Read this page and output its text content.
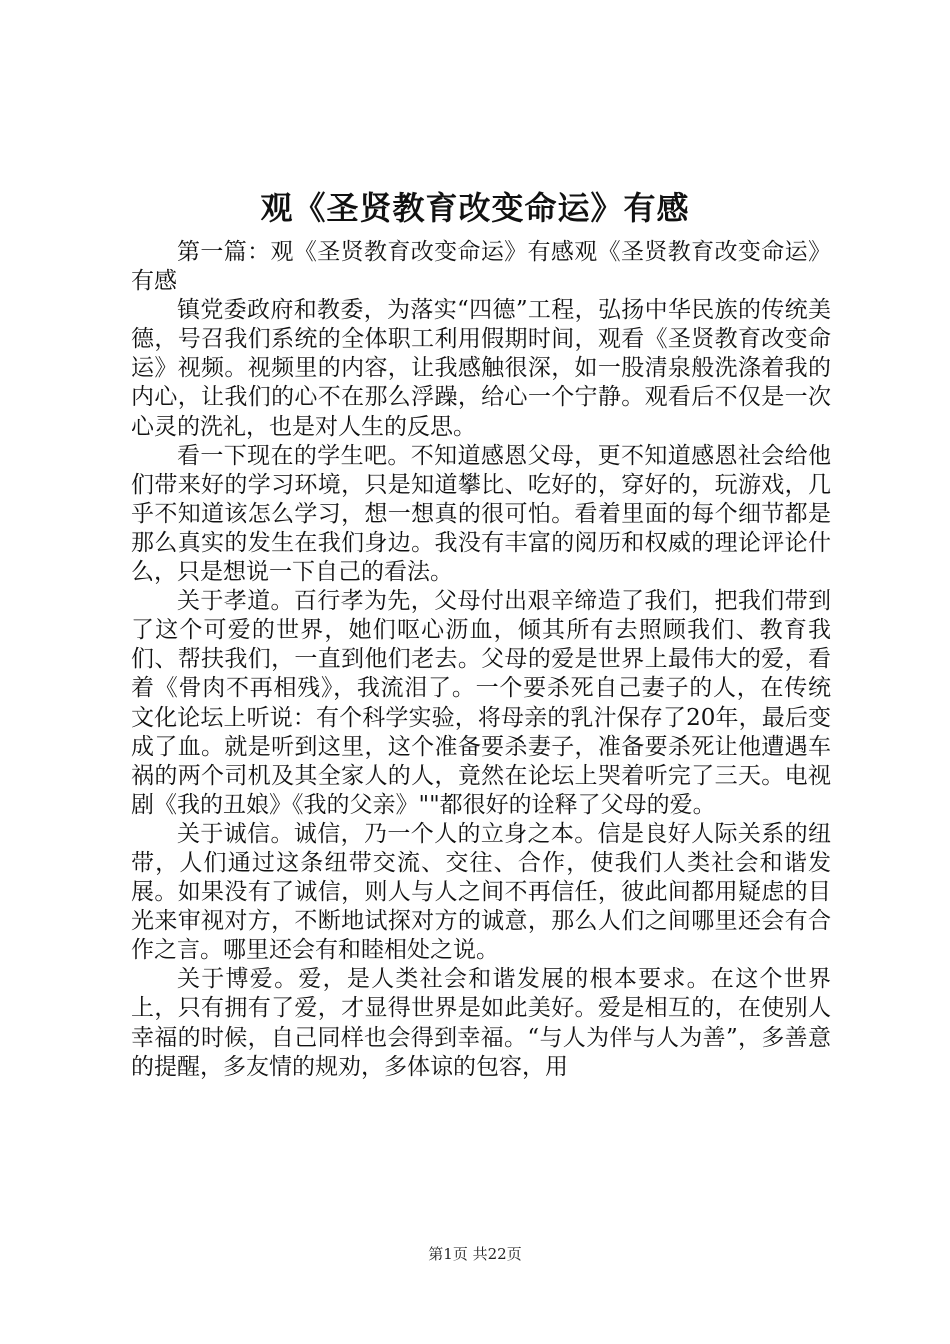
观《圣贤教育改变命运》有感

第一篇：观《圣贤教育改变命运》有感观《圣贤教育改变命运》有感

镇党委政府和教委，为落实“四德”工程，弘扬中华民族的传统美德，号召我们系统的全体职工利用假期时间，观看《圣贤教育改变命运》视频。视频里的内容，让我感触很深，如一股清泉般洗涤着我的内心，让我们的心不在那么浮躁，给心一个宁静。观看后不仅是一次心灵的洗礼，也是对人生的反思。

看一下现在的学生吧。不知道感恩父母，更不知道感恩社会给他们带来好的学习环境，只是知道攀比、吃好的，穿好的，玩游戏，几乎不知道该怎么学习，想一想真的很可怕。看着里面的每个细节都是那么真实的发生在我们身边。我没有丰富的阅历和权威的理论评论什么，只是想说一下自己的看法。

关于孝道。百行孝为先，父母付出艰辛缔造了我们，把我们带到了这个可爱的世界，她们呕心沥血，倾其所有去照顾我们、教育我们、帮扶我们，一直到他们老去。父母的爱是世界上最伟大的爱，看着《骨肉不再相残》，我流泪了。一个要杀死自己妻子的人，在传统文化论坛上听说：有个科学实验，将母亲的乳汁保存了20年，最后变成了血。就是听到这里，这个准备要杀妻子，准备要杀死让他遭遇车祸的两个司机及其全家人的人，竟然在论坛上哭着听完了三天。电视剧《我的丑娘》《我的父亲》""都很好的诠释了父母的爱。

关于诚信。诚信，乃一个人的立身之本。信是良好人际关系的纽带，人们通过这条纽带交流、交往、合作，使我们人类社会和谐发展。如果没有了诚信，则人与人之间不再信任，彼此间都用疑虑的目光来审视对方，不断地试探对方的诚意，那么人们之间哪里还会有合作之言。哪里还会有和睦相处之说。

关于博爱。爱，是人类社会和谐发展的根本要求。在这个世界上，只有拥有了爱，才显得世界是如此美好。爱是相互的，在使别人幸福的时候，自己同样也会得到幸福。“与人为伴与人为善”，多善意的提醒，多友情的规劝，多体谅的包容，用

第1页 共22页
